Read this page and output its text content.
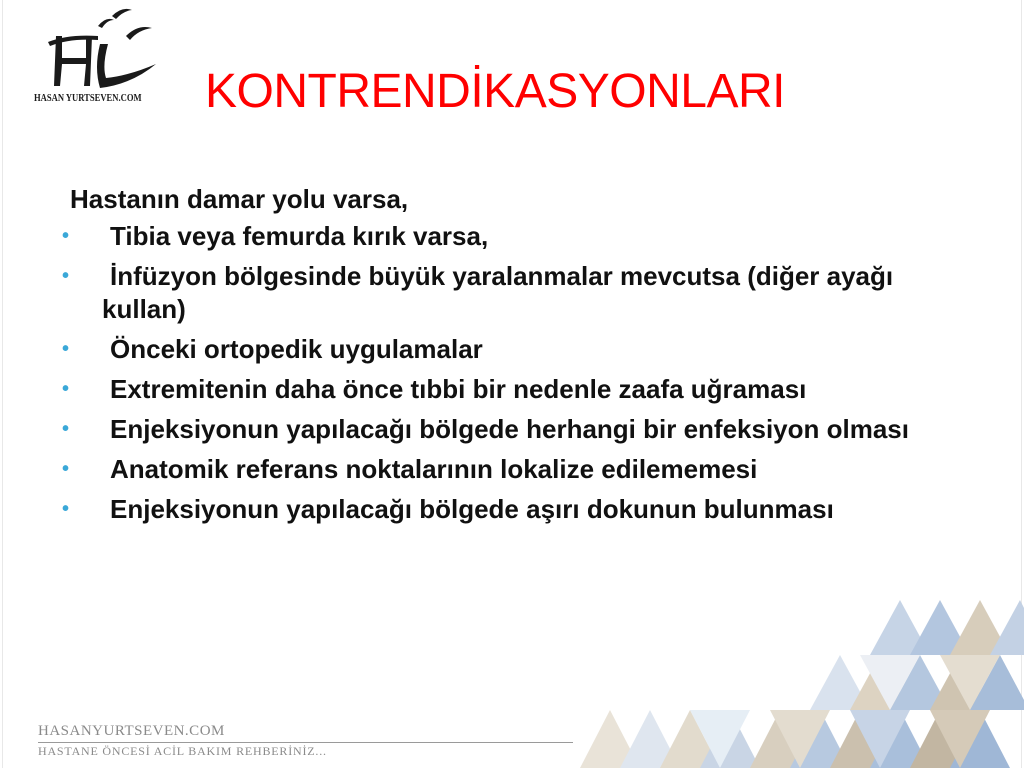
HASAN YURTSEVEN.COM KONTRENDİKASYONLARI
Hastanın damar yolu varsa,
• Tibia veya femurda kırık varsa,
• İnfüzyon bölgesinde büyük yaralanmalar mevcutsa (diğer ayağı kullan)
• Önceki ortopedik uygulamalar
• Extremitenin daha önce tıbbi bir nedenle zaafa uğraması
• Enjeksiyonun yapılacağı bölgede herhangi bir enfeksiyon olması
• Anatomik referans noktalarının lokalize edilememesi
• Enjeksiyonun yapılacağı bölgede aşırı dokunun bulunması
HASANYURTSEVEN.COM
HASTANE ÖNCESİ ACİL BAKIM REHBERİNİZ...
